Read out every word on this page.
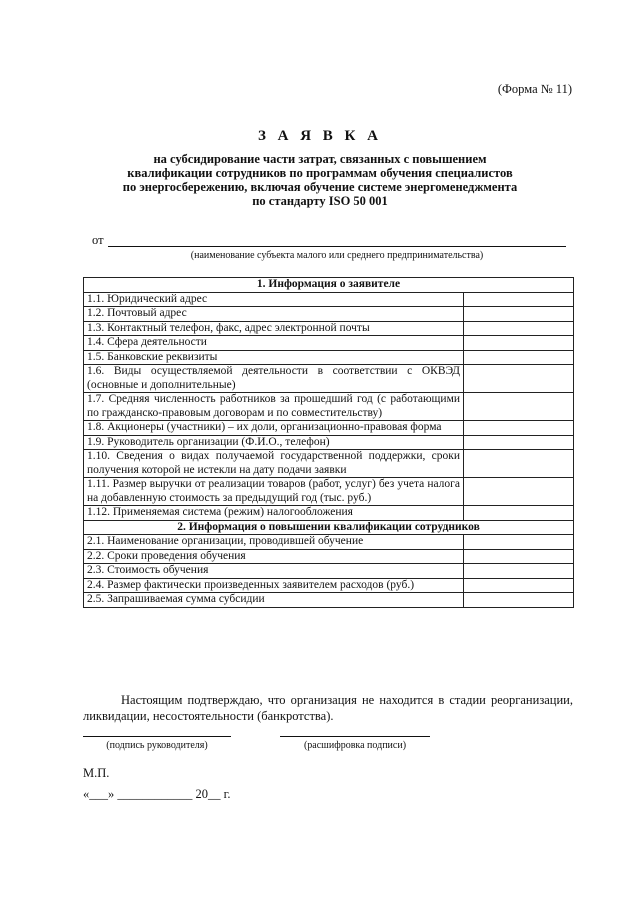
(Форма № 11)
З А Я В К А
на субсидирование части затрат, связанных с повышением
квалификации сотрудников по программам обучения специалистов
по энергосбережению, включая обучение системе энергоменеджмента
по стандарту ISO 50 001
от
(наименование субъекта малого или среднего предпринимательства)
1. Информация о заявителе	
1.1. Юридический адрес	
1.2. Почтовый адрес	
1.3. Контактный телефон, факс, адрес электронной почты	
1.4. Сфера деятельности	
1.5. Банковские реквизиты	
1.6. Виды осуществляемой деятельности в соответствии с ОКВЭД (основные и дополнительные)	
1.7. Средняя численность работников за прошедший год (с работающими по гражданско-правовым договорам и по совместительству)	
1.8. Акционеры (участники) – их доли, организационно-правовая форма	
1.9. Руководитель организации (Ф.И.О., телефон)	
1.10. Сведения о видах получаемой государственной поддержки, сроки получения которой не истекли на дату подачи заявки	
1.11. Размер выручки от реализации товаров (работ, услуг) без учета налога на добавленную стоимость за предыдущий год (тыс. руб.)	
1.12. Применяемая система (режим) налогообложения	
2. Информация о повышении квалификации сотрудников	
2.1. Наименование организации, проводившей обучение	
2.2. Сроки проведения обучения	
2.3. Стоимость обучения	
2.4. Размер фактически произведенных заявителем расходов (руб.)	
2.5. Запрашиваемая сумма субсидии	
Настоящим подтверждаю, что организация не находится в стадии реорганизации, ликвидации, несостоятельности (банкротства).
(подпись руководителя)	(расшифровка подписи)
М.П.
«___» ____________ 20__ г.
